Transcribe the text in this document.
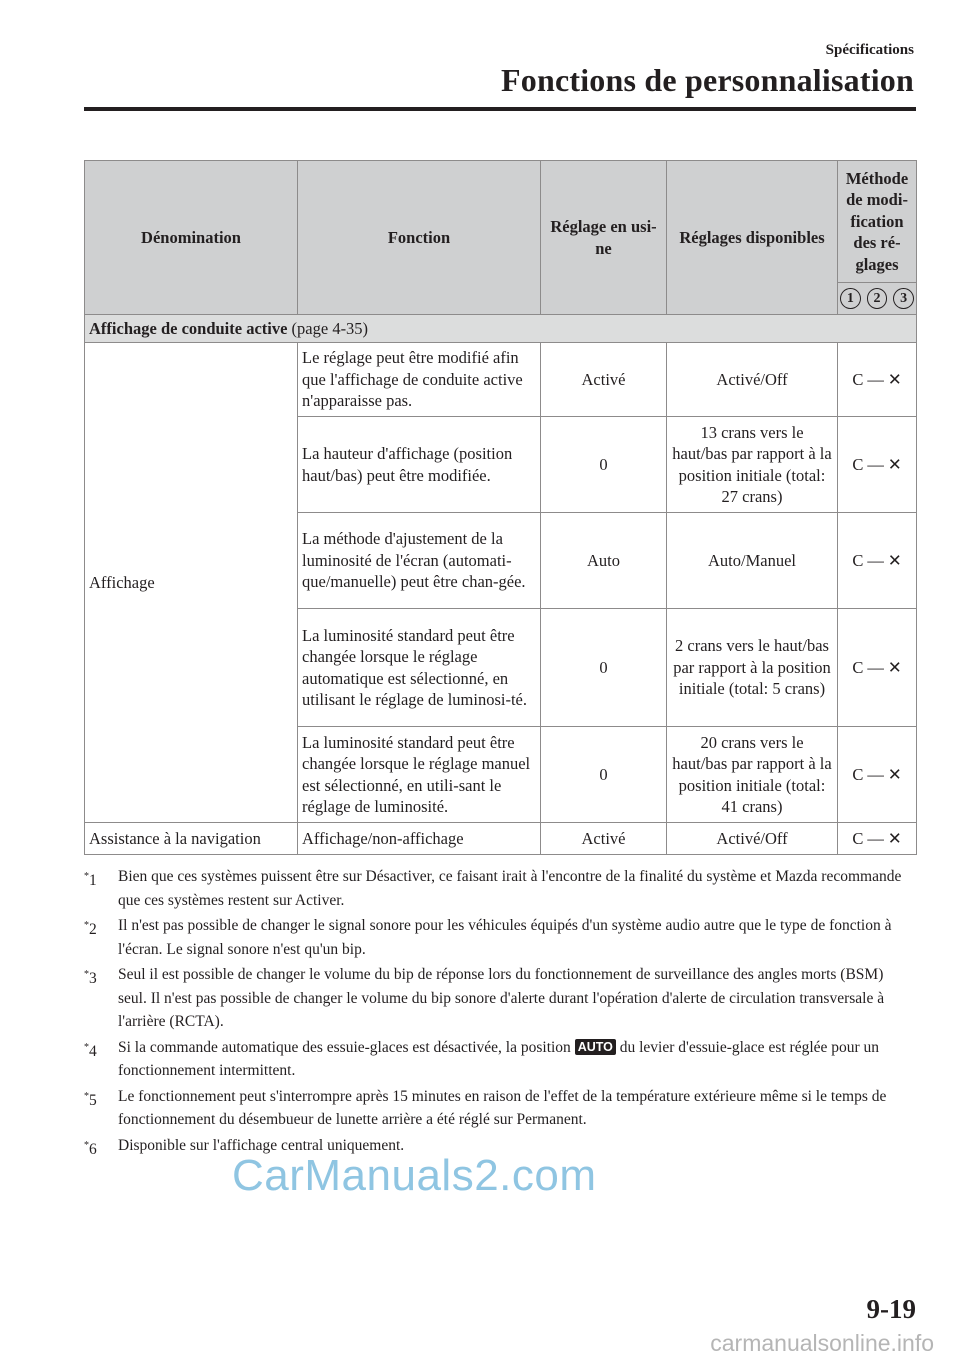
Spécifications
Fonctions de personnalisation
Dénomination	Fonction	Réglage en usi-ne	Réglages disponibles	Méthode de modi-fication des ré-glages

1 2 3

Affichage de conduite active (page 4-35)				
Affichage	Le réglage peut être modifié afin que l'affichage de conduite active n'apparaisse pas.	Activé	Activé/Off	C — ✕

	La hauteur d'affichage (position haut/bas) peut être modifiée.	0	13 crans vers le haut/bas par rapport à la position initiale (total: 27 crans)	C — ✕

	La méthode d'ajustement de la luminosité de l'écran (automati-que/manuelle) peut être chan-gée.	Auto	Auto/Manuel	C — ✕

	La luminosité standard peut être changée lorsque le réglage automatique est sélectionné, en utilisant le réglage de luminosi-té.	0	2 crans vers le haut/bas par rapport à la position initiale (total: 5 crans)	C — ✕

	La luminosité standard peut être changée lorsque le réglage manuel est sélectionné, en utili-sant le réglage de luminosité.	0	20 crans vers le haut/bas par rapport à la position initiale (total: 41 crans)	C — ✕

Assistance à la navigation	Affichage/non-affichage	Activé	Activé/Off	C — ✕
*1	Bien que ces systèmes puissent être sur Désactiver, ce faisant irait à l'encontre de la finalité du système et Mazda recommande que ces systèmes restent sur Activer.
*2	Il n'est pas possible de changer le signal sonore pour les véhicules équipés d'un système audio autre que le type de fonction à l'écran. Le signal sonore n'est qu'un bip.
*3	Seul il est possible de changer le volume du bip de réponse lors du fonctionnement de surveillance des angles morts (BSM) seul. Il n'est pas possible de changer le volume du bip sonore d'alerte durant l'opération d'alerte de circulation transversale à l'arrière (RCTA).
*4	Si la commande automatique des essuie-glaces est désactivée, la position AUTO du levier d'essuie-glace est réglée pour un fonctionnement intermittent.
*5	Le fonctionnement peut s'interrompre après 15 minutes en raison de l'effet de la température extérieure même si le temps de fonctionnement du désembueur de lunette arrière a été réglé sur Permanent.
*6	Disponible sur l'affichage central uniquement.
CarManuals2.com
9-19
carmanualsonline.info
